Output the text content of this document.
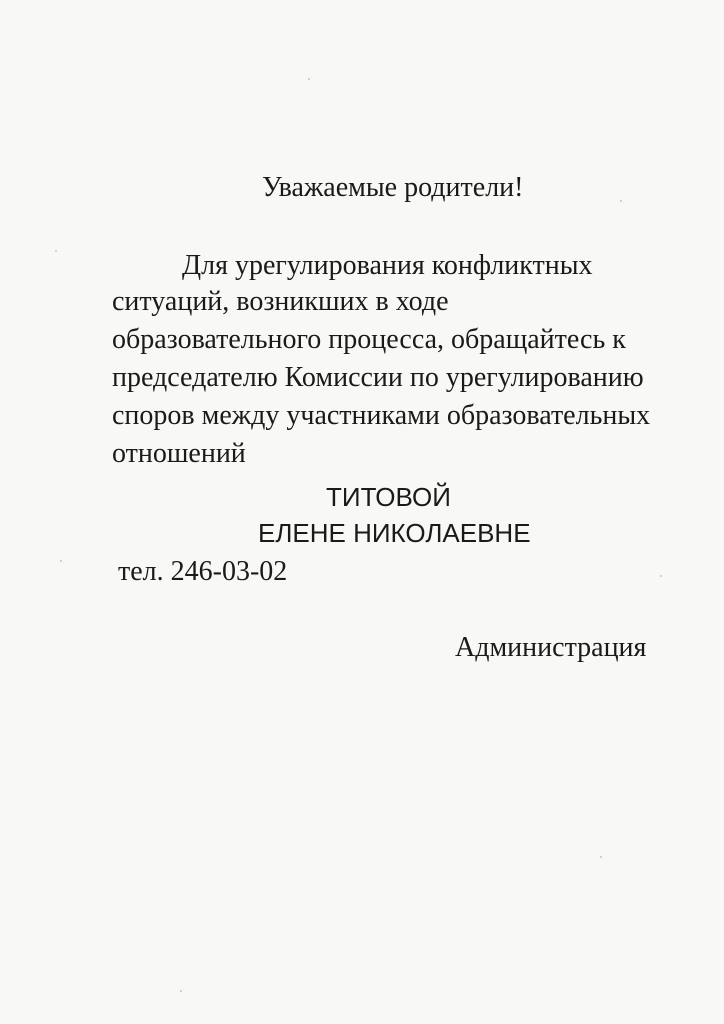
Уважаемые родители!

Для урегулирования конфликтных

ситуаций, возникших в ходе

образовательного процесса, обращайтесь к

председателю Комиссии по урегулированию

споров между участниками образовательных

отношений

ТИТОВОЙ

ЕЛЕНЕ НИКОЛАЕВНЕ

тел. 246-03-02

Администрация
